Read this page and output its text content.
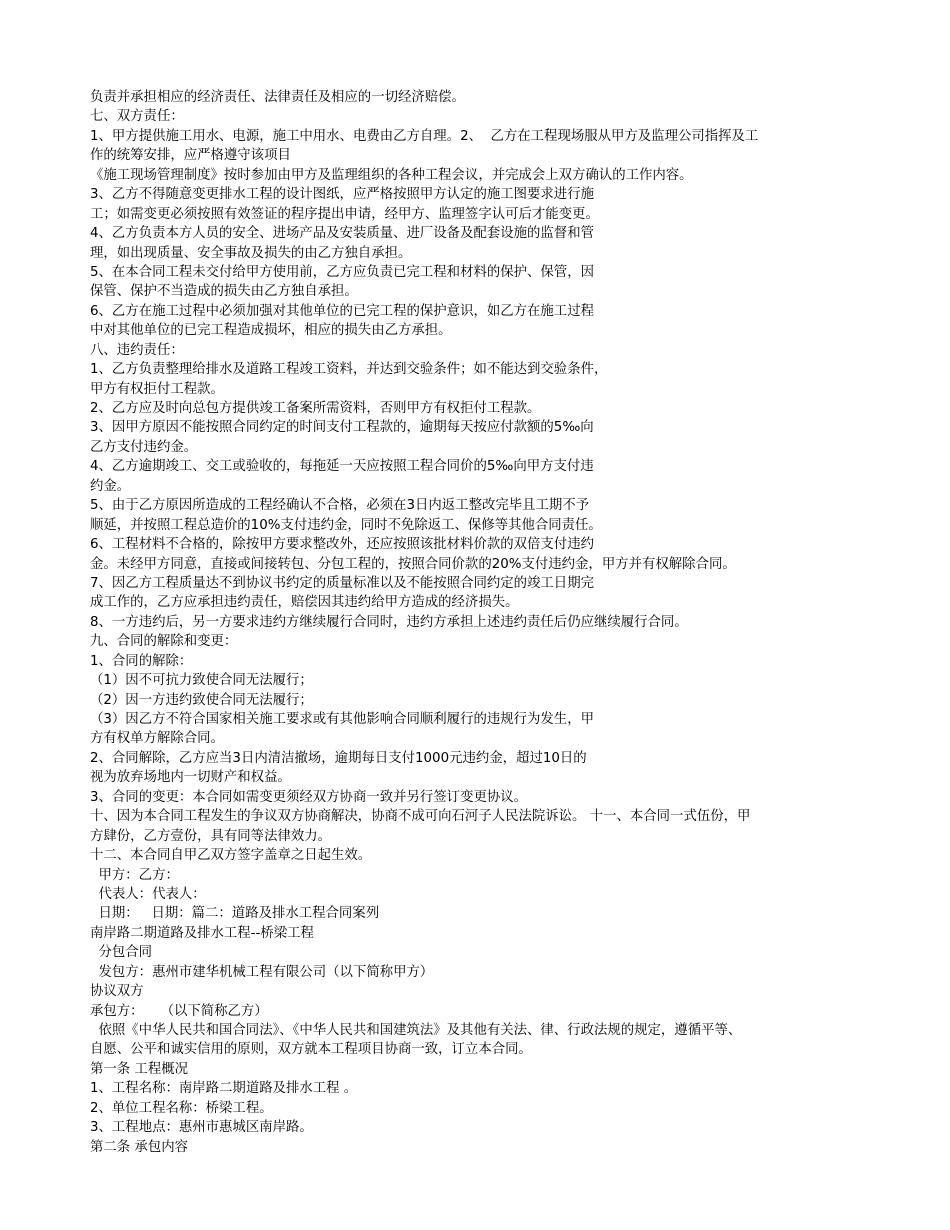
负责并承担相应的经济责任、法律责任及相应的一切经济赔偿。
七、双方责任：
1、甲方提供施工用水、电源，施工中用水、电费由乙方自理。2、  乙方在工程现场服从甲方及监理公司指挥及工
作的统筹安排，应严格遵守该项目
《施工现场管理制度》按时参加由甲方及监理组织的各种工程会议，并完成会上双方确认的工作内容。
3、乙方不得随意变更排水工程的设计图纸，应严格按照甲方认定的施工图要求进行施
工；如需变更必须按照有效签证的程序提出申请，经甲方、监理签字认可后才能变更。
4、乙方负责本方人员的安全、进场产品及安装质量、进厂设备及配套设施的监督和管
理，如出现质量、安全事故及损失的由乙方独自承担。
5、在本合同工程未交付给甲方使用前，乙方应负责已完工程和材料的保护、保管，因
保管、保护不当造成的损失由乙方独自承担。
6、乙方在施工过程中必须加强对其他单位的已完工程的保护意识，如乙方在施工过程
中对其他单位的已完工程造成损坏，相应的损失由乙方承担。
八、违约责任：
1、乙方负责整理给排水及道路工程竣工资料，并达到交验条件；如不能达到交验条件，
甲方有权拒付工程款。
2、乙方应及时向总包方提供竣工备案所需资料，否则甲方有权拒付工程款。
3、因甲方原因不能按照合同约定的时间支付工程款的，逾期每天按应付款额的5‰向
乙方支付违约金。
4、乙方逾期竣工、交工或验收的，每拖延一天应按照工程合同价的5‰向甲方支付违
约金。
5、由于乙方原因所造成的工程经确认不合格，必须在3日内返工整改完毕且工期不予
顺延，并按照工程总造价的10%支付违约金，同时不免除返工、保修等其他合同责任。
6、工程材料不合格的，除按甲方要求整改外，还应按照该批材料价款的双倍支付违约
金。未经甲方同意，直接或间接转包、分包工程的，按照合同价款的20%支付违约金，甲方并有权解除合同。
7、因乙方工程质量达不到协议书约定的质量标准以及不能按照合同约定的竣工日期完
成工作的，乙方应承担违约责任，赔偿因其违约给甲方造成的经济损失。
8、一方违约后，另一方要求违约方继续履行合同时，违约方承担上述违约责任后仍应继续履行合同。
九、合同的解除和变更：
1、合同的解除：
（1）因不可抗力致使合同无法履行；
（2）因一方违约致使合同无法履行；
（3）因乙方不符合国家相关施工要求或有其他影响合同顺利履行的违规行为发生，甲
方有权单方解除合同。
2、合同解除，乙方应当3日内清洁撤场，逾期每日支付1000元违约金，超过10日的
视为放弃场地内一切财产和权益。
3、合同的变更：本合同如需变更须经双方协商一致并另行签订变更协议。
十、因为本合同工程发生的争议双方协商解决，协商不成可向石河子人民法院诉讼。 十一、本合同一式伍份，甲
方肆份，乙方壹份，具有同等法律效力。
十二、本合同自甲乙双方签字盖章之日起生效。
甲方：乙方：
代表人：代表人：
日期：   日期：篇二：道路及排水工程合同案列
南岸路二期道路及排水工程--桥梁工程
分包合同
发包方：惠州市建华机械工程有限公司（以下简称甲方）
协议双方
承包方：    （以下简称乙方）
依照《中华人民共和国合同法》、《中华人民共和国建筑法》及其他有关法、律、行政法规的规定，遵循平等、
自愿、公平和诚实信用的原则，双方就本工程项目协商一致，订立本合同。
第一条 工程概况
1、工程名称：南岸路二期道路及排水工程 。
2、单位工程名称：桥梁工程。
3、工程地点：惠州市惠城区南岸路。
第二条 承包内容
